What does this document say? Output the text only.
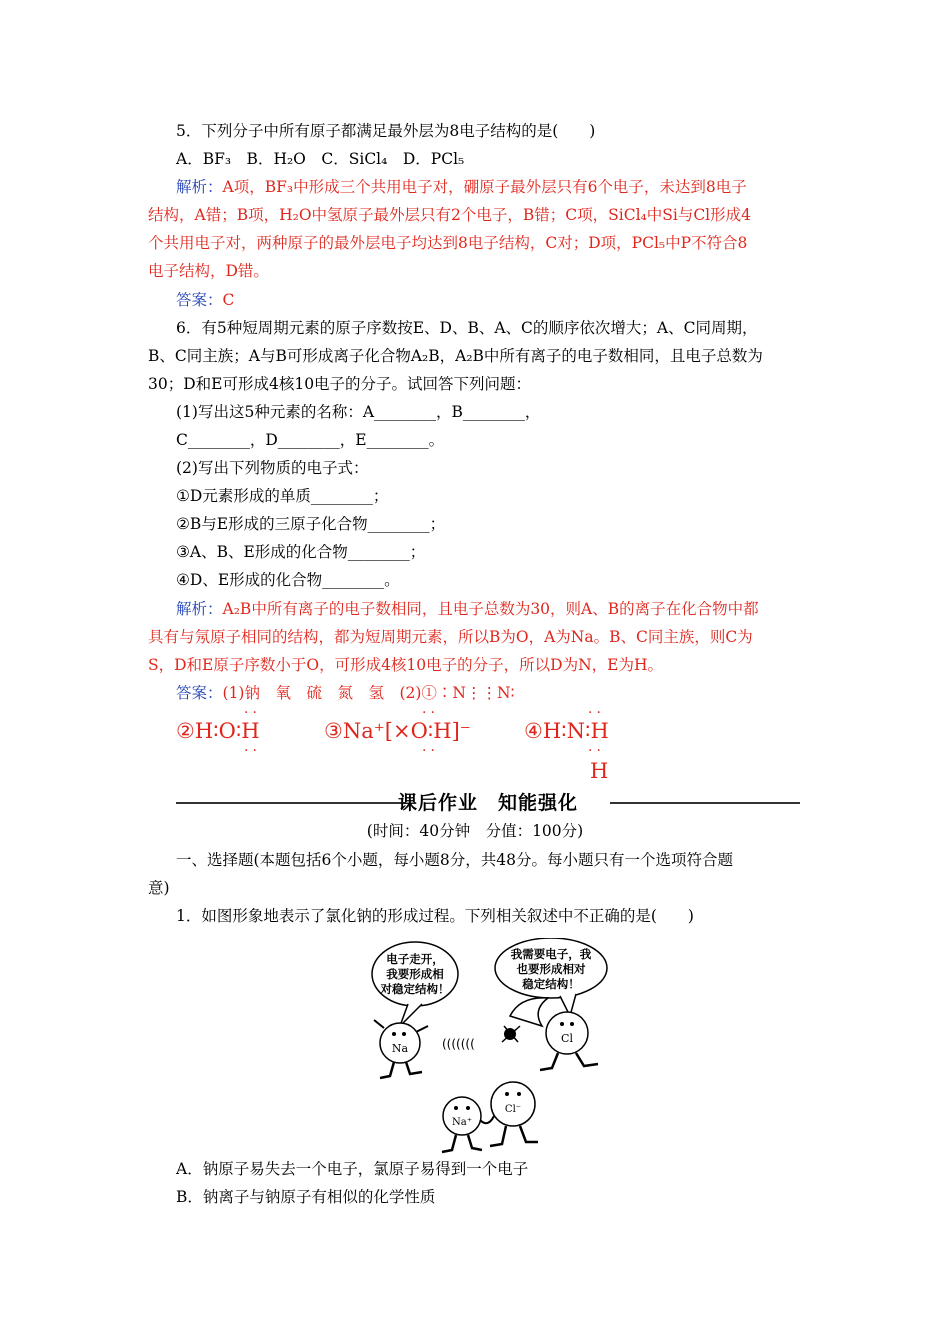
5．下列分子中所有原子都满足最外层为8电子结构的是(　　)
A．BF₃　B．H₂O　C．SiCl₄　D．PCl₅
解析：A项，BF₃中形成三个共用电子对，硼原子最外层只有6个电子，未达到8电子
结构，A错；B项，H₂O中氢原子最外层只有2个电子，B错；C项，SiCl₄中Si与Cl形成4
个共用电子对，两种原子的最外层电子均达到8电子结构，C对；D项，PCl₅中P不符合8
电子结构，D错。
答案：C
6．有5种短周期元素的原子序数按E、D、B、A、C的顺序依次增大；A、C同周期，
B、C同主族；A与B可形成离子化合物A₂B，A₂B中所有离子的电子数相同，且电子总数为
30；D和E可形成4核10电子的分子。试回答下列问题：
(1)写出这5种元素的名称：A________，B________，
C________，D________，E________。
(2)写出下列物质的电子式：
①D元素形成的单质________；
②B与E形成的三原子化合物________；
③A、B、E形成的化合物________；
④D、E形成的化合物________。
解析：A₂B中所有离子的电子数相同，且电子总数为30，则A、B的离子在化合物中都
具有与氖原子相同的结构，都为短周期元素，所以B为O，A为Na。B、C同主族，则C为
S，D和E原子序数小于O，可形成4核10电子的分子，所以D为N，E为H。
答案：(1)钠　氧　硫　氮　氢　(2)①∶N⋮⋮N∶
··
②H∶O∶H
··
··
③Na⁺[×O∶H]⁻
··
··
④H∶N∶H
··
H
课后作业　知能强化
(时间：40分钟　分值：100分)
一、选择题(本题包括6个小题，每小题8分，共48分。每小题只有一个选项符合题
意)
1．如图形象地表示了氯化钠的形成过程。下列相关叙述中不正确的是(　　)
电子走开，
我要形成相
对稳定结构！
我需要电子，我
也要形成相对
稳定结构！
Na	(((((((	Cl
Na⁺
Cl⁻
A．钠原子易失去一个电子，氯原子易得到一个电子
B．钠离子与钠原子有相似的化学性质
